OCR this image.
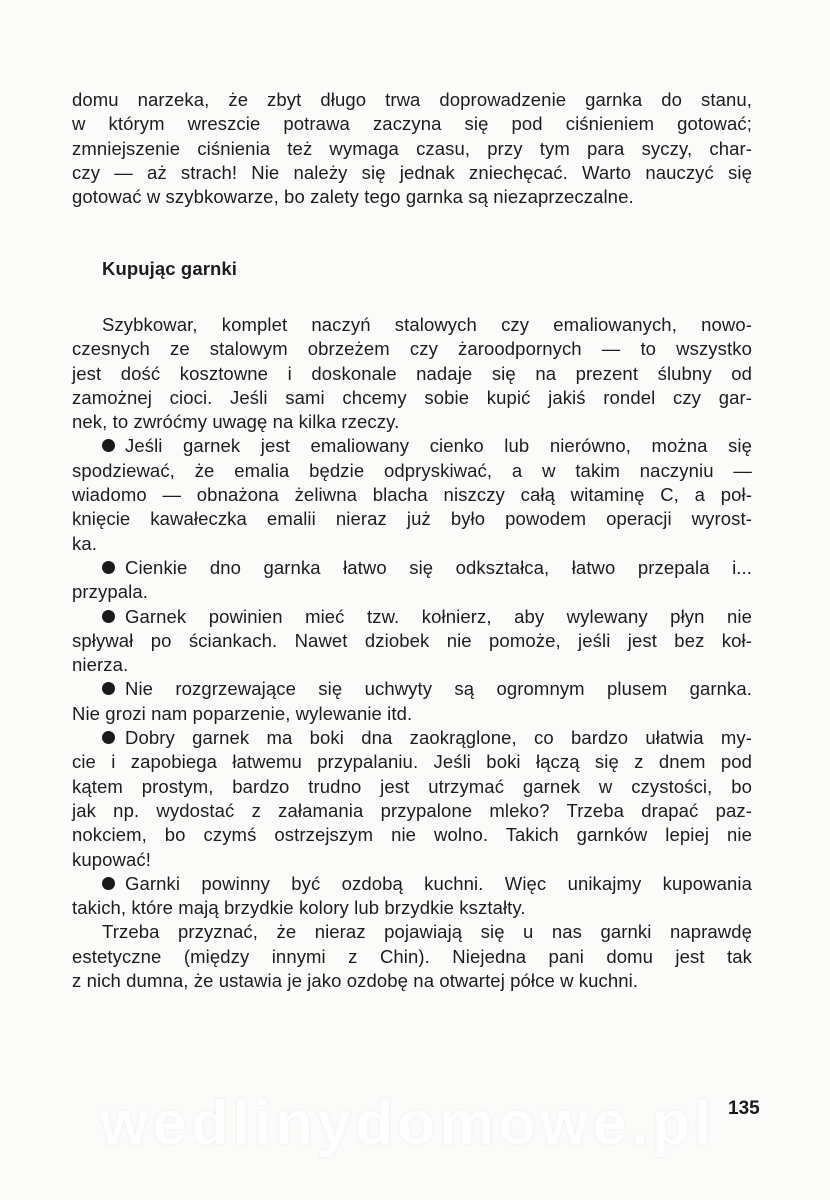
domu narzeka, że zbyt długo trwa doprowadzenie garnka do stanu,
w którym wreszcie potrawa zaczyna się pod ciśnieniem gotować;
zmniejszenie ciśnienia też wymaga czasu, przy tym para syczy, char-
czy — aż strach! Nie należy się jednak zniechęcać. Warto nauczyć się
gotować w szybkowarze, bo zalety tego garnka są niezaprzeczalne.

Kupując garnki

Szybkowar, komplet naczyń stalowych czy emaliowanych, nowo-
czesnych ze stalowym obrzeżem czy żaroodpornych — to wszystko
jest dość kosztowne i doskonale nadaje się na prezent ślubny od
zamożnej cioci. Jeśli sami chcemy sobie kupić jakiś rondel czy gar-
nek, to zwróćmy uwagę na kilka rzeczy.

Jeśli garnek jest emaliowany cienko lub nierówno, można się
spodziewać, że emalia będzie odpryskiwać, a w takim naczyniu —
wiadomo — obnażona żeliwna blacha niszczy całą witaminę C, a poł-
knięcie kawałeczka emalii nieraz już było powodem operacji wyrost-
ka.

Cienkie dno garnka łatwo się odkształca, łatwo przepala i...
przypala.

Garnek powinien mieć tzw. kołnierz, aby wylewany płyn nie
spływał po ściankach. Nawet dziobek nie pomoże, jeśli jest bez koł-
nierza.

Nie rozgrzewające się uchwyty są ogromnym plusem garnka.
Nie grozi nam poparzenie, wylewanie itd.

Dobry garnek ma boki dna zaokrąglone, co bardzo ułatwia my-
cie i zapobiega łatwemu przypalaniu. Jeśli boki łączą się z dnem pod
kątem prostym, bardzo trudno jest utrzymać garnek w czystości, bo
jak np. wydostać z załamania przypalone mleko? Trzeba drapać paz-
nokciem, bo czymś ostrzejszym nie wolno. Takich garnków lepiej nie
kupować!

Garnki powinny być ozdobą kuchni. Więc unikajmy kupowania
takich, które mają brzydkie kolory lub brzydkie kształty.

Trzeba przyznać, że nieraz pojawiają się u nas garnki naprawdę
estetyczne (między innymi z Chin). Niejedna pani domu jest tak
z nich dumna, że ustawia je jako ozdobę na otwartej półce w kuchni.

wedlinydomowe.pl 135
